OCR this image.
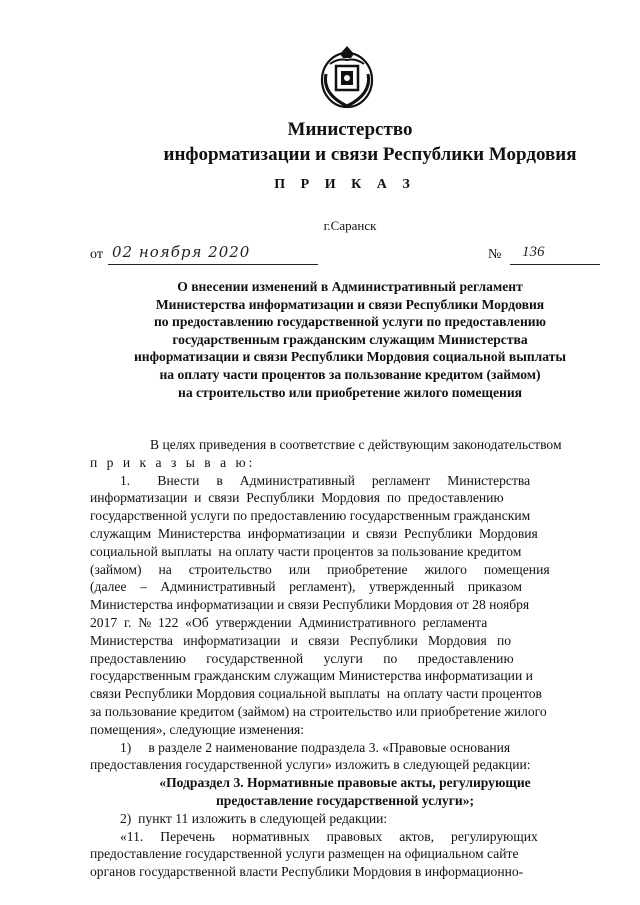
Министерство
информатизации и связи Республики Мордовия
П Р И К А З
г.Саранск
от 02 ноября 2020	№ 136
О внесении изменений в Административный регламент
Министерства информатизации и связи Республики Мордовия
по предоставлению государственной услуги по предоставлению
государственным гражданским служащим Министерства
информатизации и связи Республики Мордовия социальной выплаты
на оплату части процентов за пользование кредитом (займом)
на строительство или приобретение жилого помещения
В целях приведения в соответствие с действующим законодательством
п р и к а з ы в а ю:
1.        Внести     в     Административный     регламент     Министерства
информатизации  и  связи  Республики  Мордовия  по  предоставлению
государственной услуги по предоставлению государственным гражданским
служащим  Министерства  информатизации  и  связи  Республики  Мордовия
социальной выплаты  на оплату части процентов за пользование кредитом
(займом)     на     строительство     или     приобретение     жилого     помещения
(далее    –    Административный    регламент),    утвержденный    приказом
Министерства информатизации и связи Республики Мордовия от 28 ноября
2017  г.  №  122  «Об  утверждении  Административного  регламента
Министерства   информатизации   и   связи   Республики   Мордовия   по
предоставлению      государственной      услуги      по      предоставлению
государственным гражданским служащим Министерства информатизации и
связи Республики Мордовия социальной выплаты  на оплату части процентов
за пользование кредитом (займом) на строительство или приобретение жилого
помещения», следующие изменения:
1)     в разделе 2 наименование подраздела 3. «Правовые основания
предоставления государственной услуги» изложить в следующей редакции:
«Подраздел 3. Нормативные правовые акты, регулирующие
предоставление государственной услуги»;
2)  пункт 11 изложить в следующей редакции:
«11.     Перечень     нормативных     правовых     актов,     регулирующих
предоставление государственной услуги размещен на официальном сайте
органов государственной власти Республики Мордовия в информационно-
